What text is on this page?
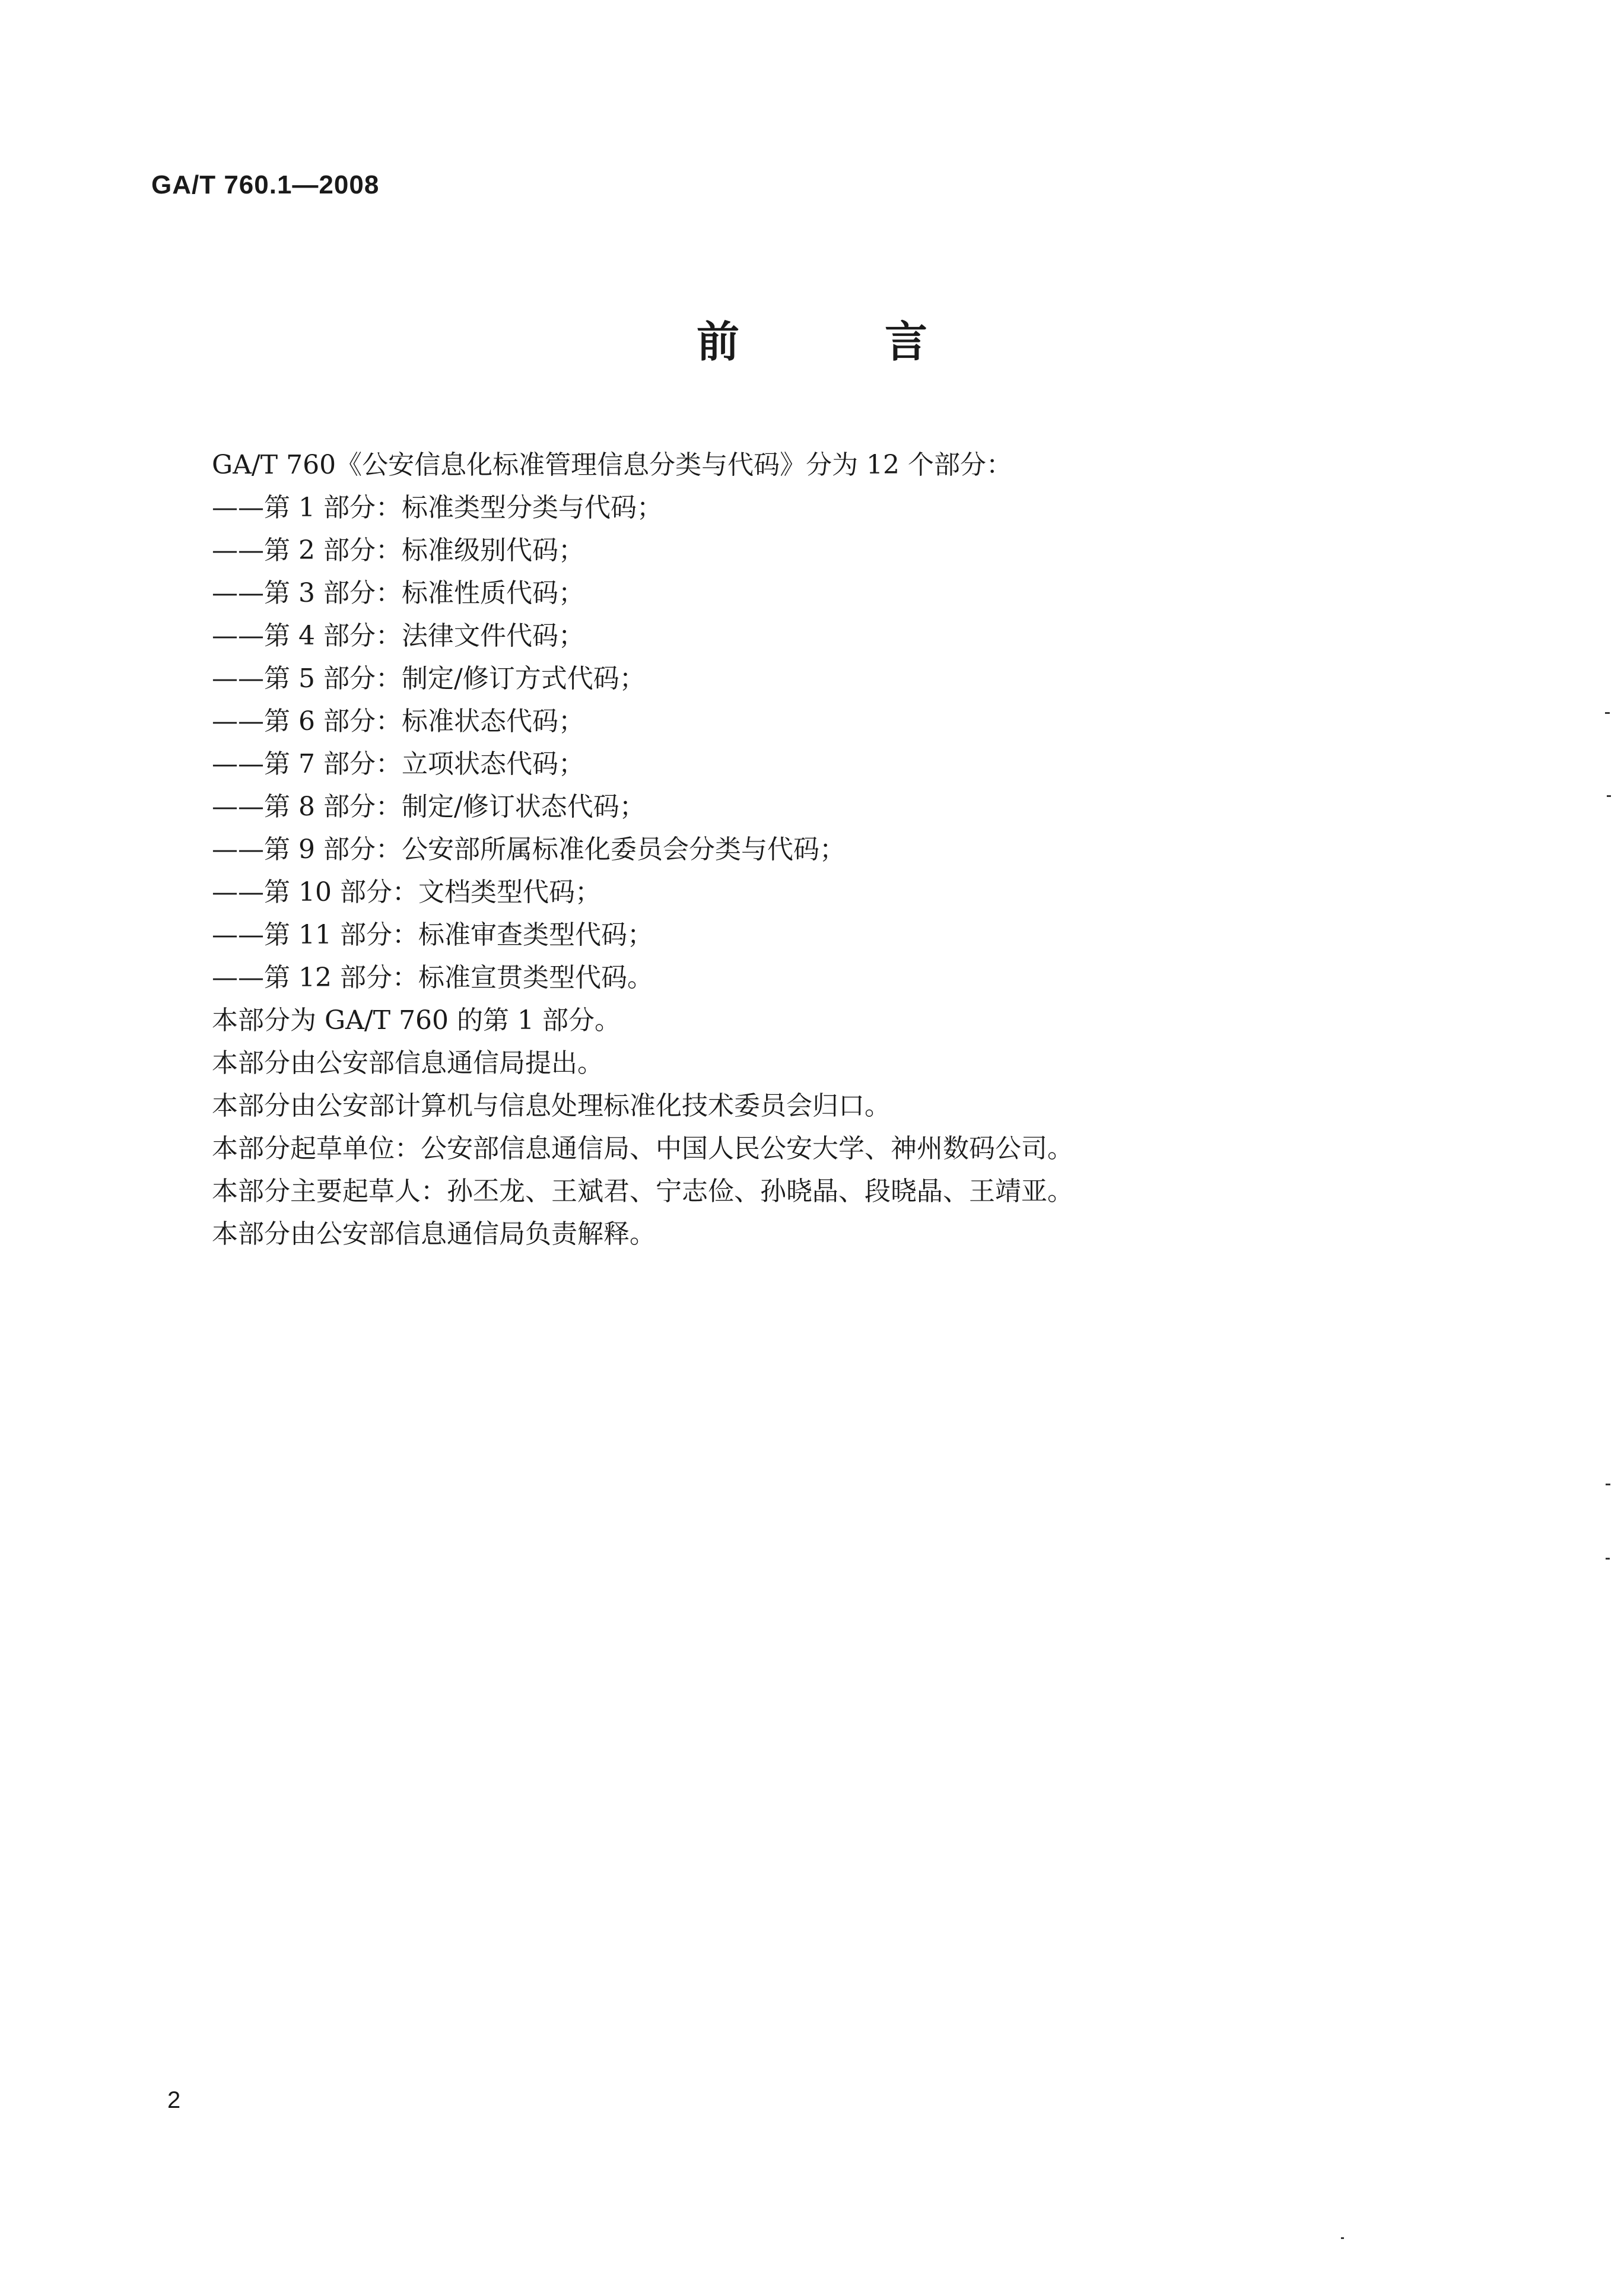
GA/T 760.1—2008
前 言
GA/T 760《公安信息化标准管理信息分类与代码》分为 12 个部分：
——第 1 部分：标准类型分类与代码；
——第 2 部分：标准级别代码；
——第 3 部分：标准性质代码；
——第 4 部分：法律文件代码；
——第 5 部分：制定/修订方式代码；
——第 6 部分：标准状态代码；
——第 7 部分：立项状态代码；
——第 8 部分：制定/修订状态代码；
——第 9 部分：公安部所属标准化委员会分类与代码；
——第 10 部分：文档类型代码；
——第 11 部分：标准审查类型代码；
——第 12 部分：标准宣贯类型代码。
本部分为 GA/T 760 的第 1 部分。
本部分由公安部信息通信局提出。
本部分由公安部计算机与信息处理标准化技术委员会归口。
本部分起草单位：公安部信息通信局、中国人民公安大学、神州数码公司。
本部分主要起草人：孙丕龙、王斌君、宁志俭、孙晓晶、段晓晶、王靖亚。
本部分由公安部信息通信局负责解释。
2
